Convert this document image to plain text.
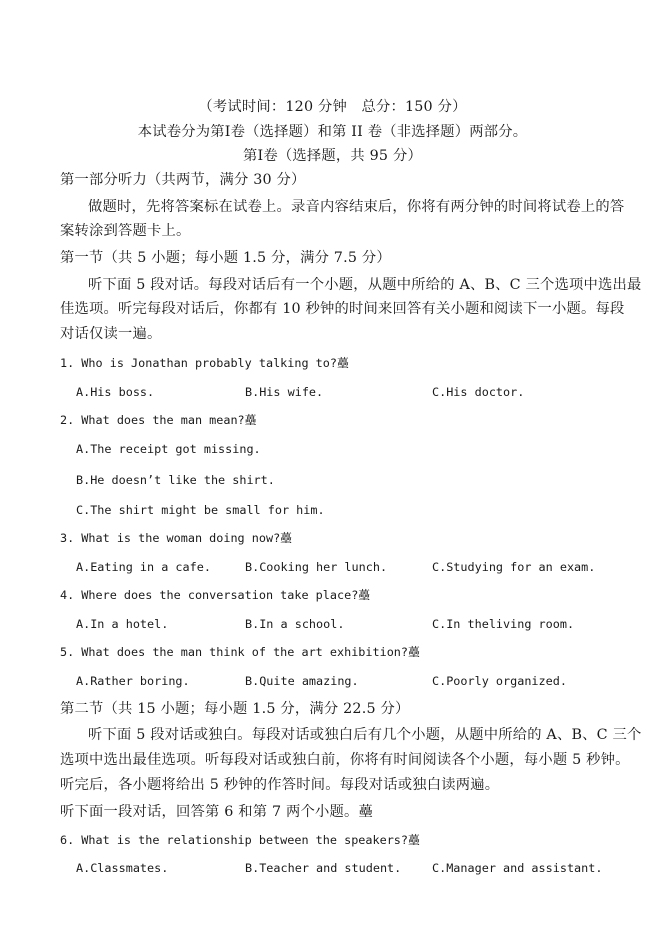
（考试时间：120 分钟　总分：150 分）
本试卷分为第Ⅰ卷（选择题）和第 II 卷（非选择题）两部分。
第Ⅰ卷（选择题，共 95 分）
第一部分听力（共两节，满分 30 分）
做题时，先将答案标在试卷上。录音内容结束后，你将有两分钟的时间将试卷上的答
案转涂到答题卡上。
第一节（共 5 小题；每小题 1.5 分，满分 7.5 分）
听下面 5 段对话。每段对话后有一个小题，从题中所给的 A、B、C 三个选项中选出最
佳选项。听完每段对话后，你都有 10 秒钟的时间来回答有关小题和阅读下一小题。每段
对话仅读一遍。
1. Who is Jonathan probably talking to?蘲
A.His boss.	B.His wife.	C.His doctor.
2. What does the man mean?蘲
A.The receipt got missing.
B.He doesn’t like the shirt.
C.The shirt might be small for him.
3. What is the woman doing now?蘲
A.Eating in a cafe.	B.Cooking her lunch.	C.Studying for an exam.
4. Where does the conversation take place?蘲
A.In a hotel.	B.In a school.	C.In theliving room.
5. What does the man think of the art exhibition?蘲
A.Rather boring.	B.Quite amazing.	C.Poorly organized.
第二节（共 15 小题；每小题 1.5 分，满分 22.5 分）
听下面 5 段对话或独白。每段对话或独白后有几个小题，从题中所给的 A、B、C 三个
选项中选出最佳选项。听每段对话或独白前，你将有时间阅读各个小题，每小题 5 秒钟。
听完后，各小题将给出 5 秒钟的作答时间。每段对话或独白读两遍。
听下面一段对话，回答第 6 和第 7 两个小题。蘲
6. What is the relationship between the speakers?蘲
A.Classmates.	B.Teacher and student.	C.Manager and assistant.
